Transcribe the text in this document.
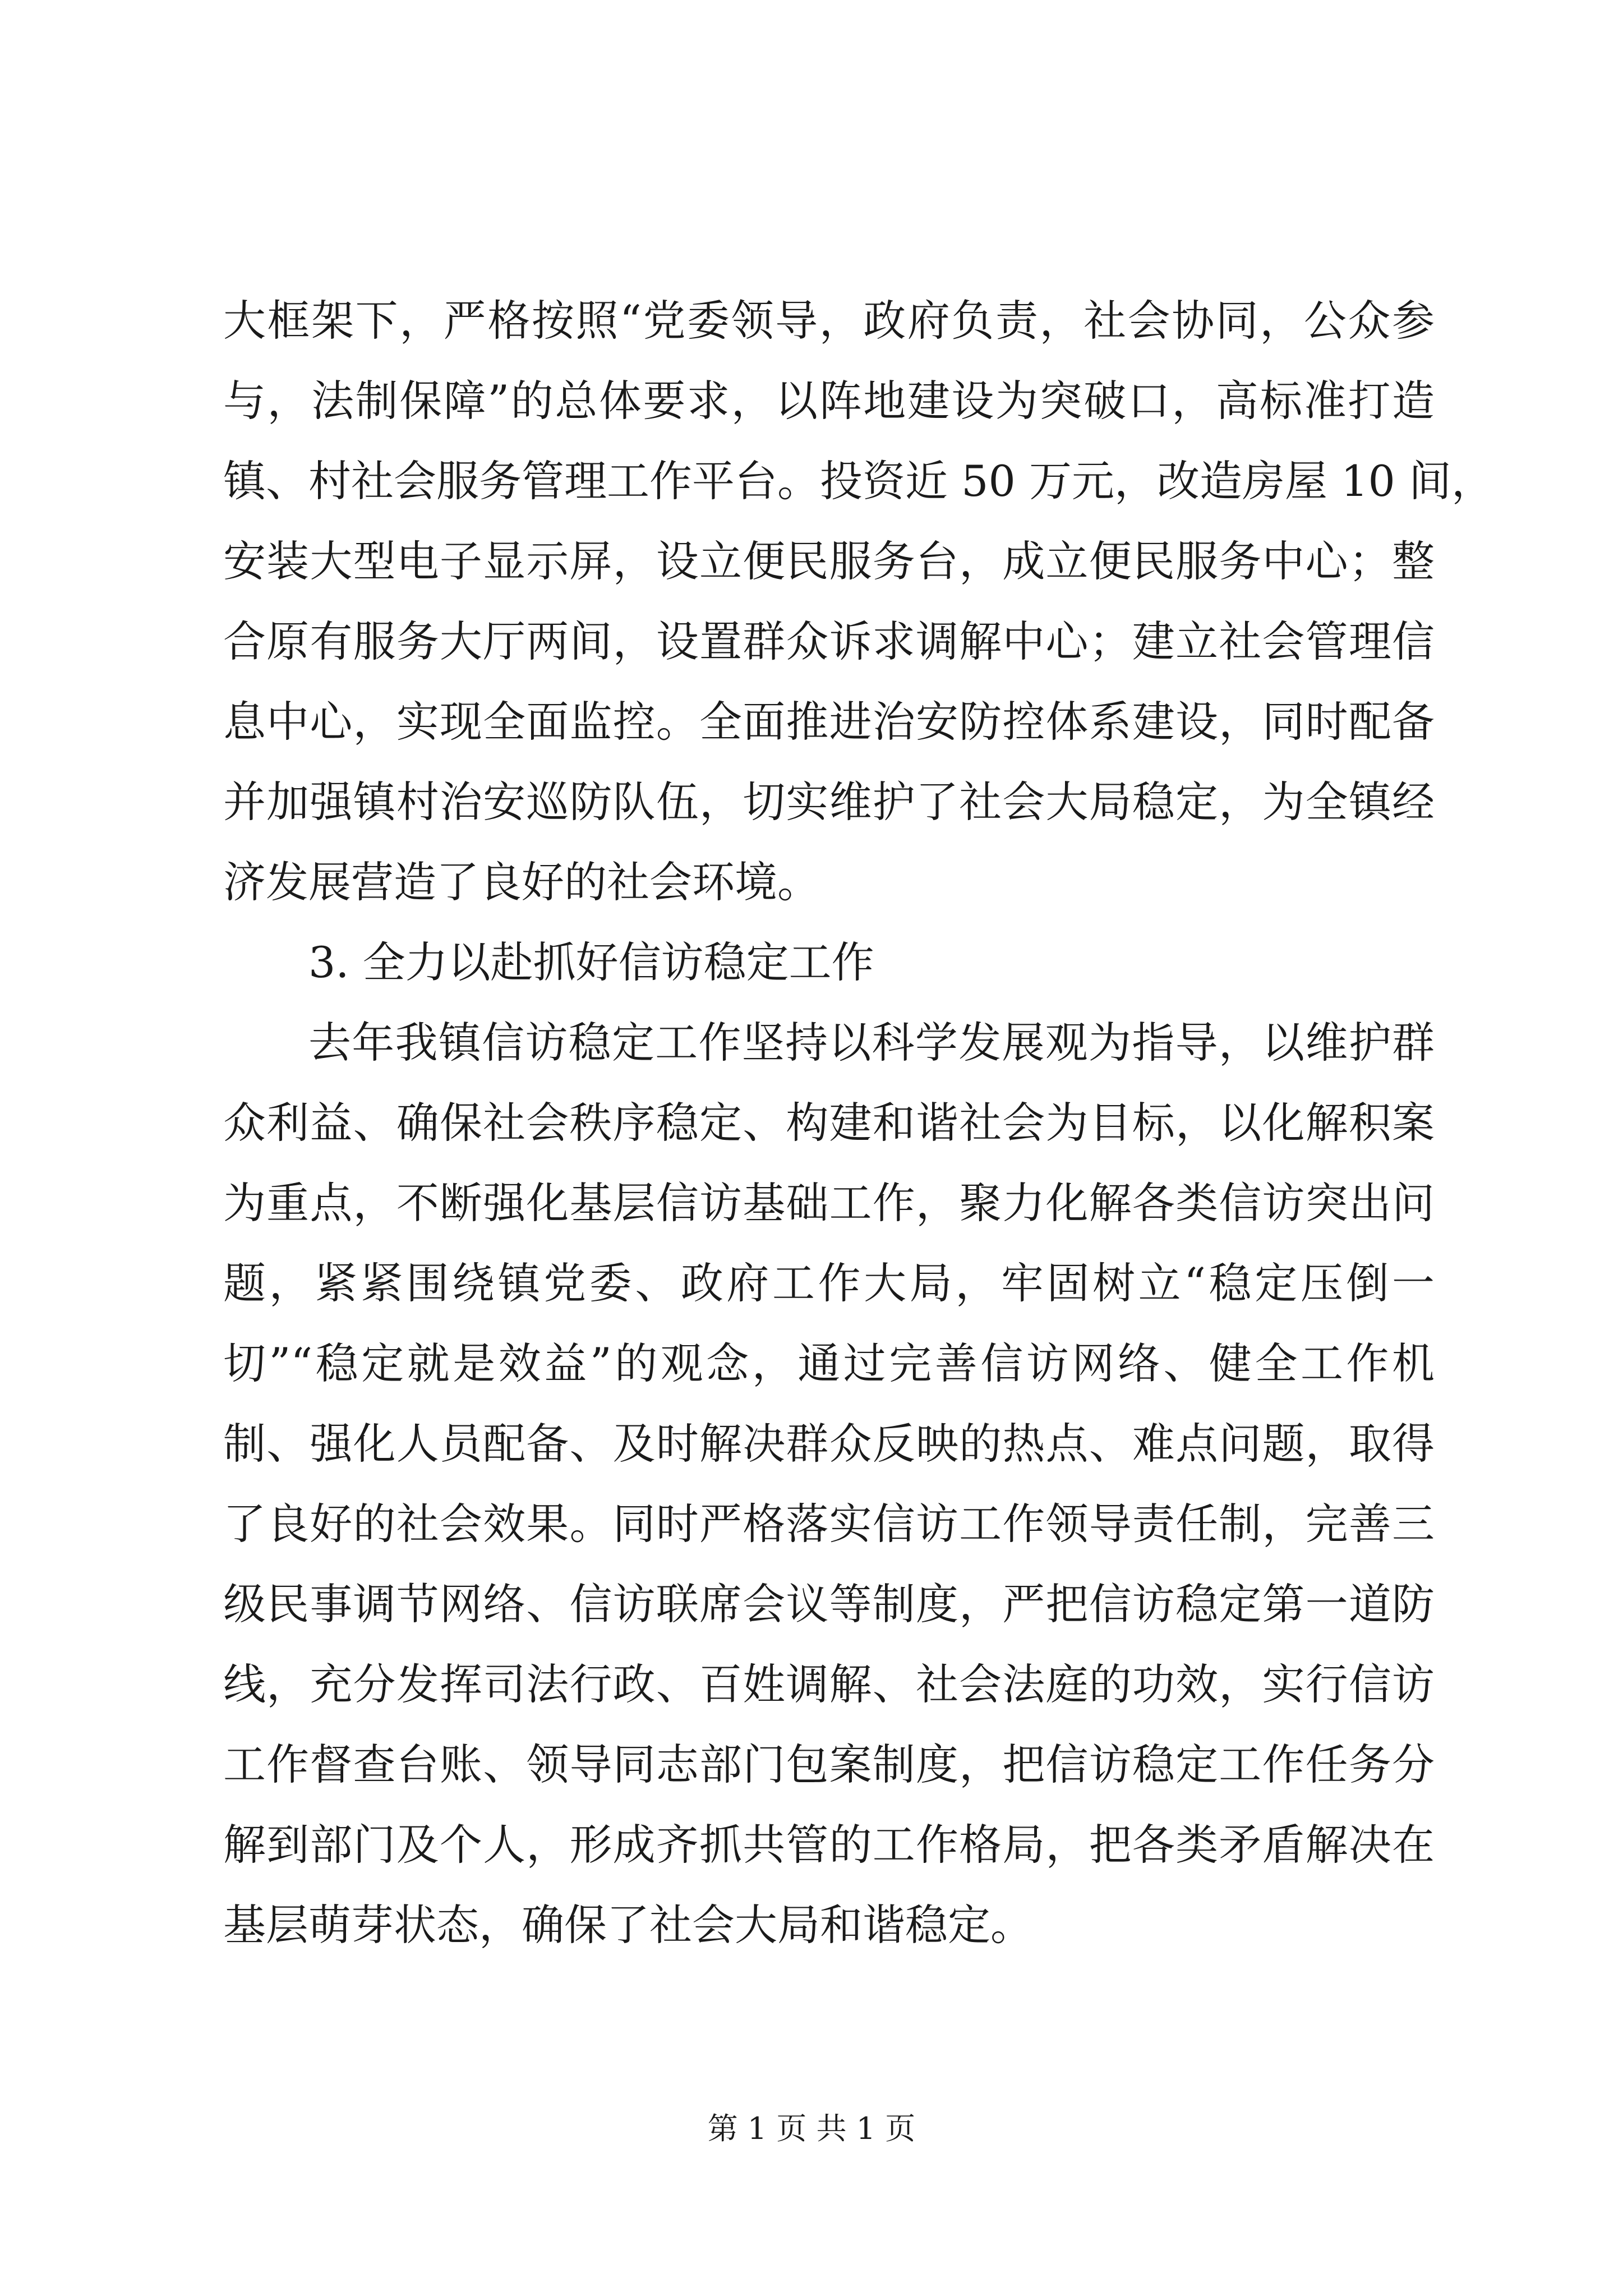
大框架下，严格按照“党委领导，政府负责，社会协同，公众参
与，法制保障”的总体要求，以阵地建设为突破口，高标准打造
镇、村社会服务管理工作平台。投资近 50 万元，改造房屋 10 间，
安装大型电子显示屏，设立便民服务台，成立便民服务中心；整
合原有服务大厅两间，设置群众诉求调解中心；建立社会管理信
息中心，实现全面监控。全面推进治安防控体系建设，同时配备
并加强镇村治安巡防队伍，切实维护了社会大局稳定，为全镇经
济发展营造了良好的社会环境。
3. 全力以赴抓好信访稳定工作
去年我镇信访稳定工作坚持以科学发展观为指导，以维护群
众利益、确保社会秩序稳定、构建和谐社会为目标，以化解积案
为重点，不断强化基层信访基础工作，聚力化解各类信访突出问
题，紧紧围绕镇党委、政府工作大局，牢固树立“稳定压倒一
切”“稳定就是效益”的观念，通过完善信访网络、健全工作机
制、强化人员配备、及时解决群众反映的热点、难点问题，取得
了良好的社会效果。同时严格落实信访工作领导责任制，完善三
级民事调节网络、信访联席会议等制度，严把信访稳定第一道防
线，充分发挥司法行政、百姓调解、社会法庭的功效，实行信访
工作督查台账、领导同志部门包案制度，把信访稳定工作任务分
解到部门及个人，形成齐抓共管的工作格局，把各类矛盾解决在
基层萌芽状态，确保了社会大局和谐稳定。
第 1 页 共 1 页
